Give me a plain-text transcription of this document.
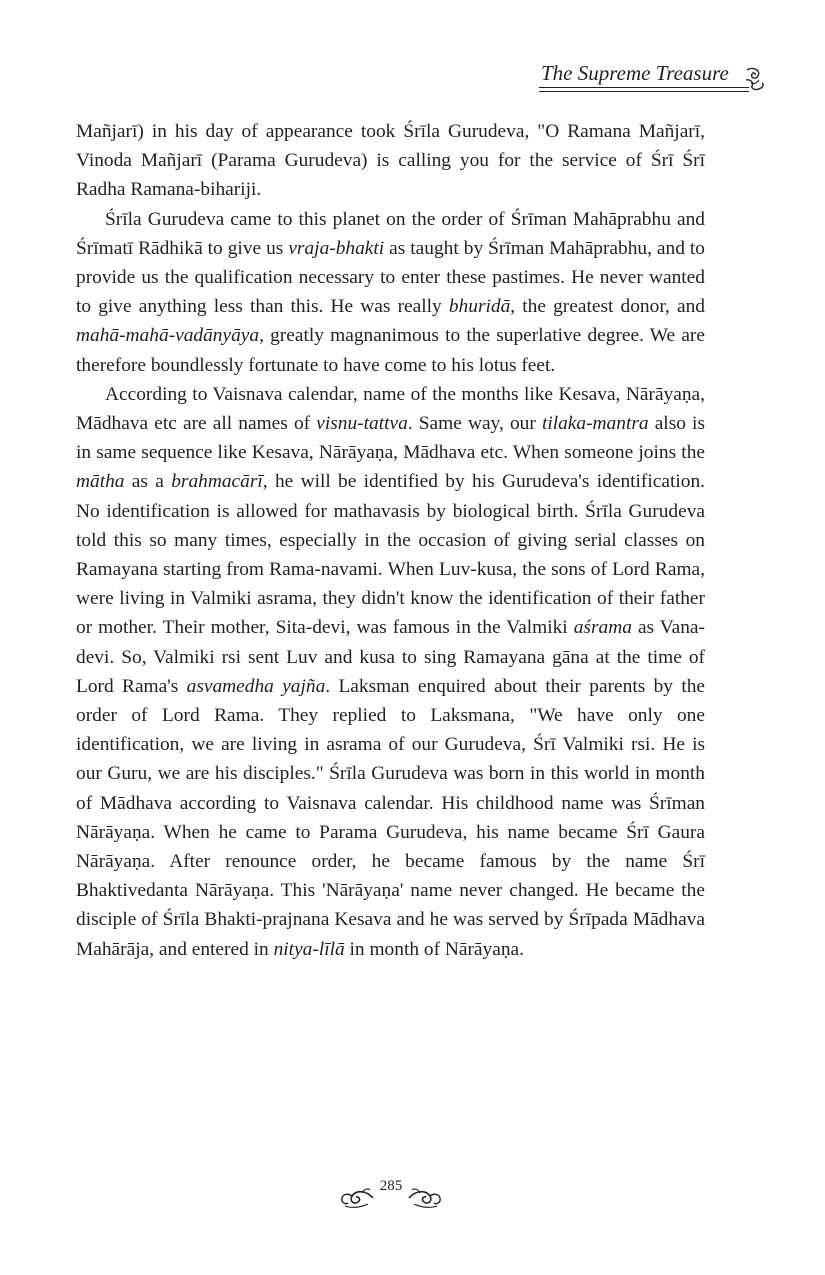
The Supreme Treasure

Mañjarī) in his day of appearance took Śrīla Gurudeva, "O Ramana Mañjarī, Vinoda Mañjarī (Parama Gurudeva) is calling you for the service of Śrī Śrī Radha Ramana-bihariji.

Śrīla Gurudeva came to this planet on the order of Śrīman Mahāprabhu and Śrīmatī Rādhikā to give us vraja-bhakti as taught by Śrīman Mahāprabhu, and to provide us the qualification necessary to enter these pastimes. He never wanted to give anything less than this. He was really bhuridā, the greatest donor, and mahā-mahā-vadānyāya, greatly magnanimous to the superlative degree. We are therefore boundlessly fortunate to have come to his lotus feet.

According to Vaisnava calendar, name of the months like Kesava, Nārāyaṇa, Mādhava etc are all names of visnu-tattva. Same way, our tilaka-mantra also is in same sequence like Kesava, Nārāyaṇa, Mādhava etc. When someone joins the mātha as a brahmacārī, he will be identified by his Gurudeva's identification. No identification is allowed for mathavasis by biological birth. Śrīla Gurudeva told this so many times, especially in the occasion of giving serial classes on Ramayana starting from Rama-navami. When Luv-kusa, the sons of Lord Rama, were living in Valmiki asrama, they didn't know the identification of their father or mother. Their mother, Sita-devi, was famous in the Valmiki aśrama as Vana-devi. So, Valmiki rsi sent Luv and kusa to sing Ramayana gāna at the time of Lord Rama's asvamedha yajña. Laksman enquired about their parents by the order of Lord Rama. They replied to Laksmana, "We have only one identification, we are living in asrama of our Gurudeva, Śrī Valmiki rsi. He is our Guru, we are his disciples." Śrīla Gurudeva was born in this world in month of Mādhava according to Vaisnava calendar. His childhood name was Śrīman Nārāyaṇa. When he came to Parama Gurudeva, his name became Śrī Gaura Nārāyaṇa. After renounce order, he became famous by the name Śrī Bhaktivedanta Nārāyaṇa. This 'Nārāyaṇa' name never changed. He became the disciple of Śrīla Bhakti-prajnana Kesava and he was served by Śrīpada Mādhava Mahārāja, and entered in nitya-līlā in month of Nārāyaṇa.

285
